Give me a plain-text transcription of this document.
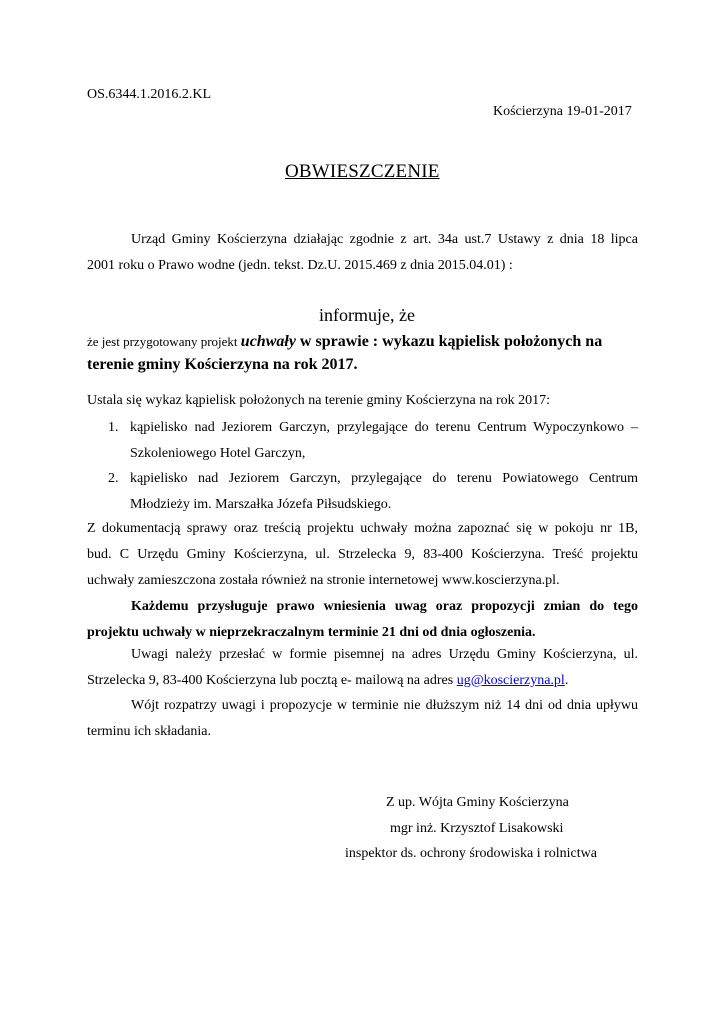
OS.6344.1.2016.2.KL
Kościerzyna 19-01-2017
OBWIESZCZENIE
Urząd Gminy Kościerzyna działając zgodnie z art. 34a ust.7 Ustawy z dnia 18 lipca
2001 roku o Prawo wodne (jedn. tekst. Dz.U. 2015.469 z dnia 2015.04.01) :
informuje, że
że jest przygotowany projekt uchwały w sprawie : wykazu kąpielisk położonych na
terenie gminy Kościerzyna na rok 2017.
Ustala się wykaz kąpielisk położonych na terenie gminy Kościerzyna na rok 2017:
1. kąpielisko nad Jeziorem Garczyn, przylegające do terenu Centrum Wypoczynkowo –
Szkoleniowego Hotel Garczyn,
2. kąpielisko nad Jeziorem Garczyn, przylegające do terenu Powiatowego Centrum
Młodzieży im. Marszałka Józefa Piłsudskiego.
Z dokumentacją sprawy oraz treścią projektu uchwały można zapoznać się w pokoju nr 1B,
bud. C Urzędu Gminy Kościerzyna, ul. Strzelecka 9, 83-400 Kościerzyna. Treść projektu
uchwały zamieszczona została również na stronie internetowej www.koscierzyna.pl.
Każdemu przysługuje prawo wniesienia uwag oraz propozycji zmian do tego
projektu uchwały w nieprzekraczalnym terminie 21 dni od dnia ogłoszenia.
Uwagi należy przesłać w formie pisemnej na adres Urzędu Gminy Kościerzyna, ul.
Strzelecka 9, 83-400 Kościerzyna lub pocztą e- mailową na adres ug@koscierzyna.pl.
Wójt rozpatrzy uwagi i propozycje w terminie nie dłuższym niż 14 dni od dnia upływu
terminu ich składania.
Z up. Wójta Gminy Kościerzyna
mgr inż. Krzysztof Lisakowski
inspektor ds. ochrony środowiska i rolnictwa
